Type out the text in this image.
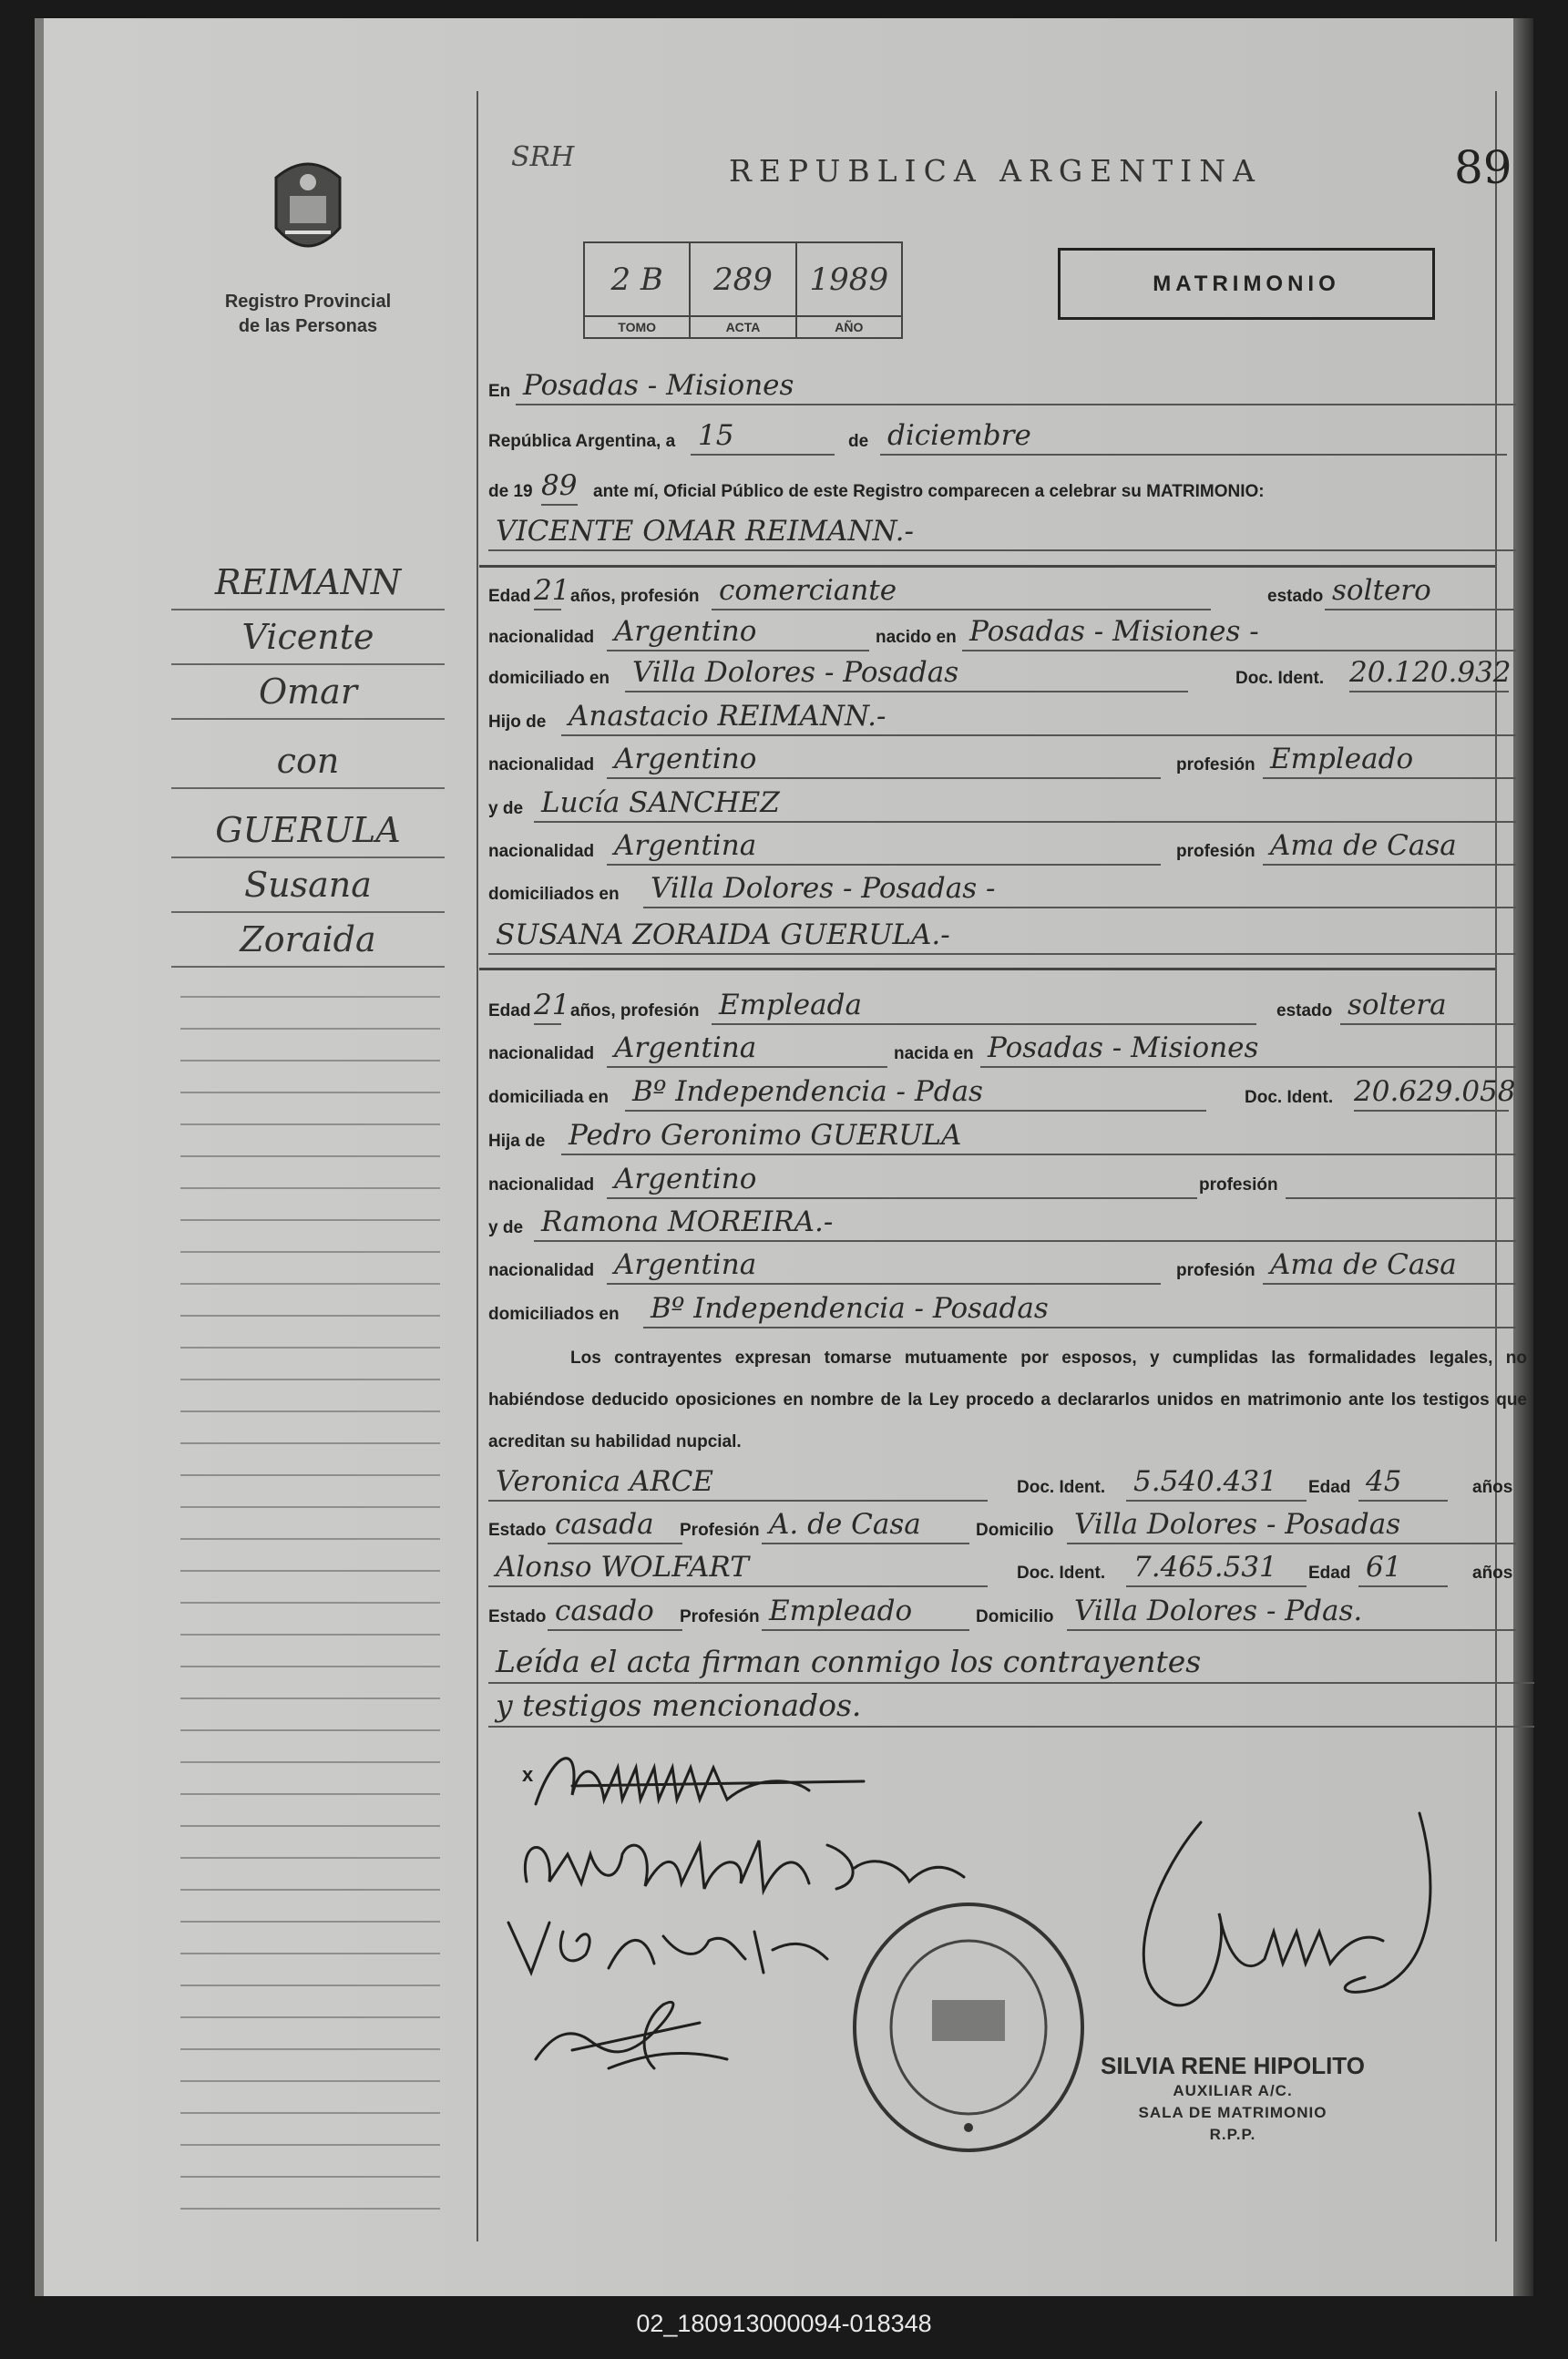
Registro Provincial
de las Personas
REIMANN
Vicente
Omar
con
GUERULA
Susana
Zoraida
SRH	REPUBLICA ARGENTINA	89
2 B
TOMO
289
ACTA
1989
AÑO
MATRIMONIO
En Posadas - Misiones
República Argentina, a 15	de diciembre
de 19 89 ante mí, Oficial Público de este Registro comparecen a celebrar su MATRIMONIO:
VICENTE OMAR REIMANN.-
Edad 21 años, profesión comerciante	estado soltero
nacionalidad Argentino	nacido en Posadas - Misiones -
domiciliado en Villa Dolores - Posadas	Doc. Ident. 20.120.932
Hijo de Anastacio REIMANN.-
nacionalidad Argentino	profesión Empleado
y de Lucía SANCHEZ
nacionalidad Argentina	profesión Ama de Casa
domiciliados en Villa Dolores - Posadas -
SUSANA ZORAIDA GUERULA.-
Edad 21 años, profesión Empleada	estado soltera
nacionalidad Argentina	nacida en Posadas - Misiones
domiciliada en Bº Independencia - Pdas	Doc. Ident. 20.629.058
Hija de Pedro Geronimo GUERULA
nacionalidad Argentino	profesión
y de Ramona MOREIRA.-
nacionalidad Argentina	profesión Ama de Casa
domiciliados en Bº Independencia - Posadas
Los contrayentes expresan tomarse mutuamente por esposos, y cumplidas las formalidades legales, no habiéndose deducido oposiciones en nombre de la Ley procedo a declararlos unidos en matrimonio ante los testigos que acreditan su habilidad nupcial.
Veronica ARCE	Doc. Ident. 5.540.431	Edad 45	años
Estado casada	Profesión A. de Casa	Domicilio Villa Dolores - Posadas
Alonso WOLFART	Doc. Ident. 7.465.531	Edad 61	años
Estado casado	Profesión Empleado	Domicilio Villa Dolores - Pdas.
Leída el acta firman conmigo los contrayentes
y testigos mencionados.
x
SILVIA RENE HIPOLITO
AUXILIAR A/C.
SALA DE MATRIMONIO
R.P.P.
02_180913000094-018348
